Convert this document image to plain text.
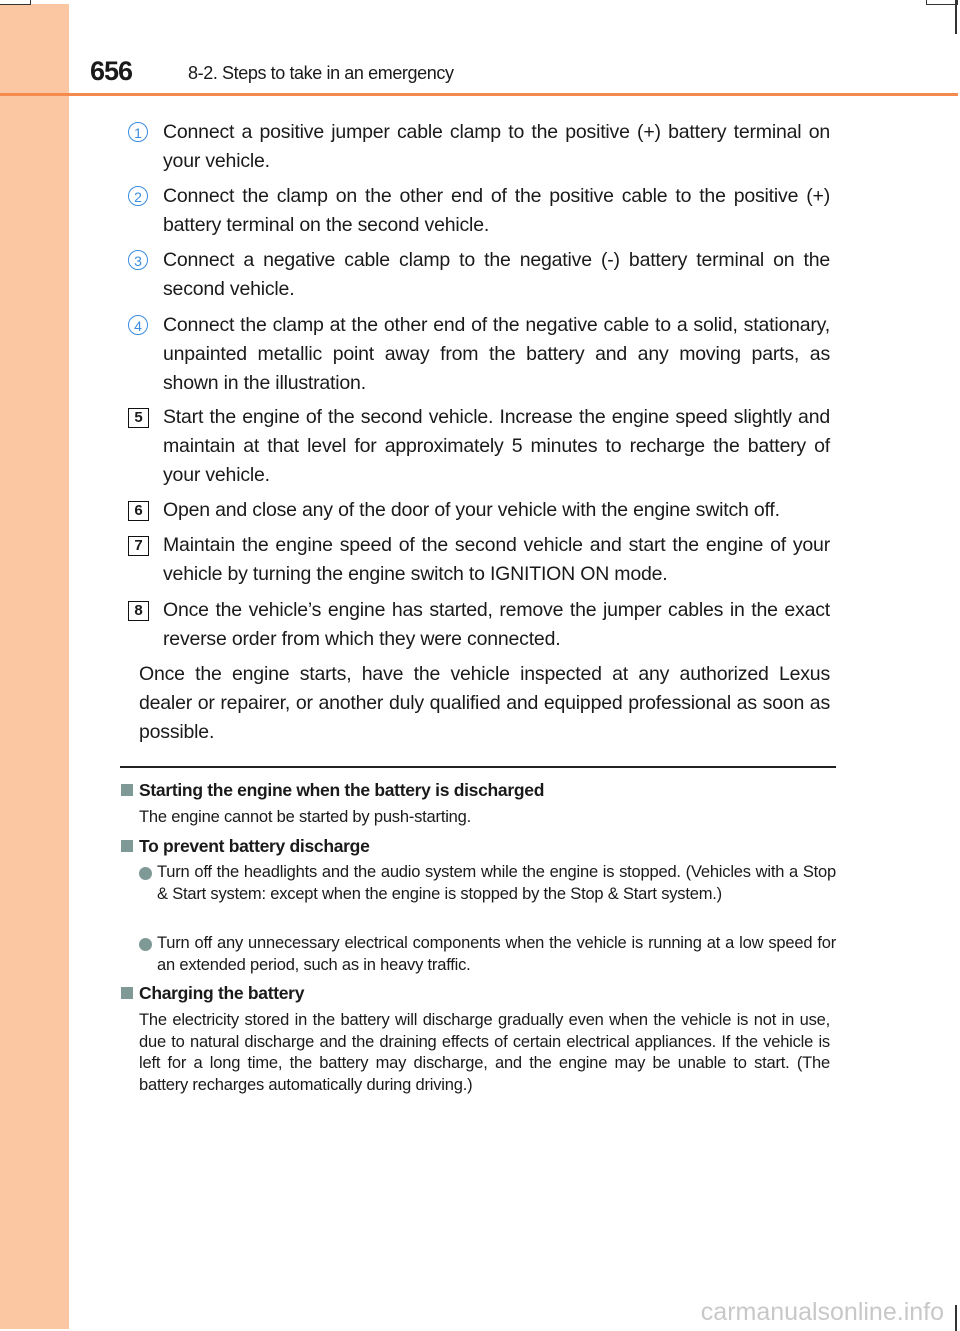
656	8-2. Steps to take in an emergency
1	Connect a positive jumper cable clamp to the positive (+) battery terminal on your vehicle.
2	Connect the clamp on the other end of the positive cable to the positive (+) battery terminal on the second vehicle.
3	Connect a negative cable clamp to the negative (-) battery terminal on the second vehicle.
4	Connect the clamp at the other end of the negative cable to a solid, stationary, unpainted metallic point away from the battery and any moving parts, as shown in the illustration.
5	Start the engine of the second vehicle. Increase the engine speed slightly and maintain at that level for approximately 5 minutes to recharge the battery of your vehicle.
6	Open and close any of the door of your vehicle with the engine switch off.
7	Maintain the engine speed of the second vehicle and start the engine of your vehicle by turning the engine switch to IGNITION ON mode.
8	Once the vehicle’s engine has started, remove the jumper cables in the exact reverse order from which they were connected.
Once the engine starts, have the vehicle inspected at any authorized Lexus dealer or repairer, or another duly qualified and equipped professional as soon as possible.
Starting the engine when the battery is discharged
The engine cannot be started by push-starting.
To prevent battery discharge
Turn off the headlights and the audio system while the engine is stopped. (Vehicles with a Stop & Start system: except when the engine is stopped by the Stop & Start system.)
Turn off any unnecessary electrical components when the vehicle is running at a low speed for an extended period, such as in heavy traffic.
Charging the battery
The electricity stored in the battery will discharge gradually even when the vehicle is not in use, due to natural discharge and the draining effects of certain electrical appliances. If the vehicle is left for a long time, the battery may discharge, and the engine may be unable to start. (The battery recharges automatically during driving.)
carmanualsonline.info
